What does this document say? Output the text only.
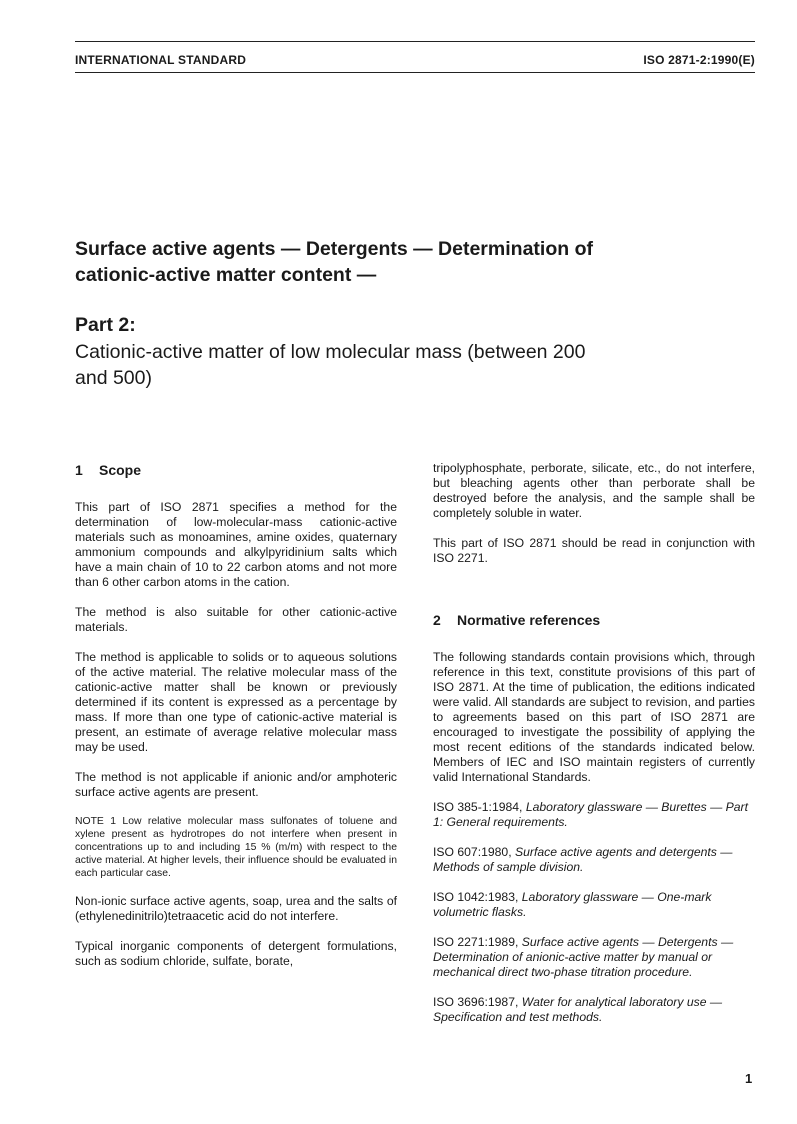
INTERNATIONAL STANDARD	ISO 2871-2:1990(E)
Surface active agents — Detergents — Determination of
cationic-active matter content —
Part 2:
Cationic-active matter of low molecular mass (between 200
and 500)
1 Scope

This part of ISO 2871 specifies a method for the determination of low-molecular-mass cationic-active materials such as monoamines, amine oxides, quaternary ammonium compounds and alkylpyridinium salts which have a main chain of 10 to 22 carbon atoms and not more than 6 other carbon atoms in the cation.

The method is also suitable for other cationic-active materials.

The method is applicable to solids or to aqueous solutions of the active material. The relative molecular mass of the cationic-active matter shall be known or previously determined if its content is expressed as a percentage by mass. If more than one type of cationic-active material is present, an estimate of average relative molecular mass may be used.

The method is not applicable if anionic and/or amphoteric surface active agents are present.

NOTE 1 Low relative molecular mass sulfonates of toluene and xylene present as hydrotropes do not interfere when present in concentrations up to and including 15 % (m/m) with respect to the active material. At higher levels, their influence should be evaluated in each particular case.

Non-ionic surface active agents, soap, urea and the salts of (ethylenedinitrilo)tetraacetic acid do not interfere.

Typical inorganic components of detergent formulations, such as sodium chloride, sulfate, borate,

tripolyphosphate, perborate, silicate, etc., do not interfere, but bleaching agents other than perborate shall be destroyed before the analysis, and the sample shall be completely soluble in water.

This part of ISO 2871 should be read in conjunction with ISO 2271.

2 Normative references

The following standards contain provisions which, through reference in this text, constitute provisions of this part of ISO 2871. At the time of publication, the editions indicated were valid. All standards are subject to revision, and parties to agreements based on this part of ISO 2871 are encouraged to investigate the possibility of applying the most recent editions of the standards indicated below. Members of IEC and ISO maintain registers of currently valid International Standards.

ISO 385-1:1984, Laboratory glassware — Burettes — Part 1: General requirements.

ISO 607:1980, Surface active agents and detergents — Methods of sample division.

ISO 1042:1983, Laboratory glassware — One-mark volumetric flasks.

ISO 2271:1989, Surface active agents — Detergents — Determination of anionic-active matter by manual or mechanical direct two-phase titration procedure.

ISO 3696:1987, Water for analytical laboratory use — Specification and test methods.

1
